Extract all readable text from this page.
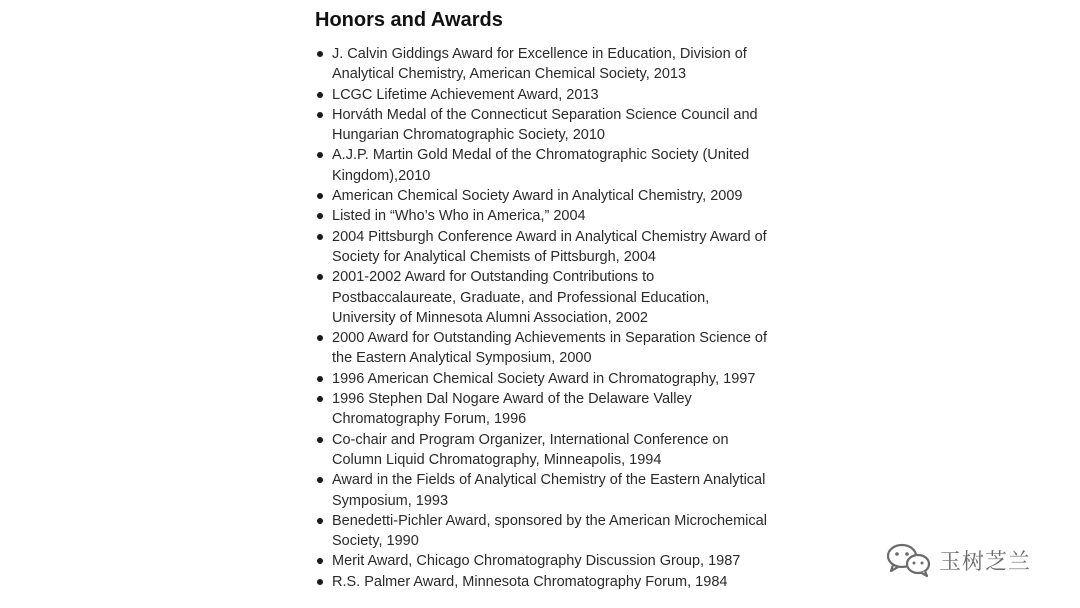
Honors and Awards
J. Calvin Giddings Award for Excellence in Education, Division of Analytical Chemistry, American Chemical Society, 2013
LCGC Lifetime Achievement Award, 2013
Horváth Medal of the Connecticut Separation Science Council and Hungarian Chromatographic Society, 2010
A.J.P. Martin Gold Medal of the Chromatographic Society (United Kingdom),2010
American Chemical Society Award in Analytical Chemistry, 2009
Listed in “Who’s Who in America,” 2004
2004 Pittsburgh Conference Award in Analytical Chemistry Award of Society for Analytical Chemists of Pittsburgh, 2004
2001-2002 Award for Outstanding Contributions to Postbaccalaureate, Graduate, and Professional Education, University of Minnesota Alumni Association, 2002
2000 Award for Outstanding Achievements in Separation Science of the Eastern Analytical Symposium, 2000
1996 American Chemical Society Award in Chromatography, 1997
1996 Stephen Dal Nogare Award of the Delaware Valley Chromatography Forum, 1996
Co-chair and Program Organizer, International Conference on Column Liquid Chromatography, Minneapolis, 1994
Award in the Fields of Analytical Chemistry of the Eastern Analytical Symposium, 1993
Benedetti-Pichler Award, sponsored by the American Microchemical Society, 1990
Merit Award, Chicago Chromatography Discussion Group, 1987
R.S. Palmer Award, Minnesota Chromatography Forum, 1984
玉树芝兰
